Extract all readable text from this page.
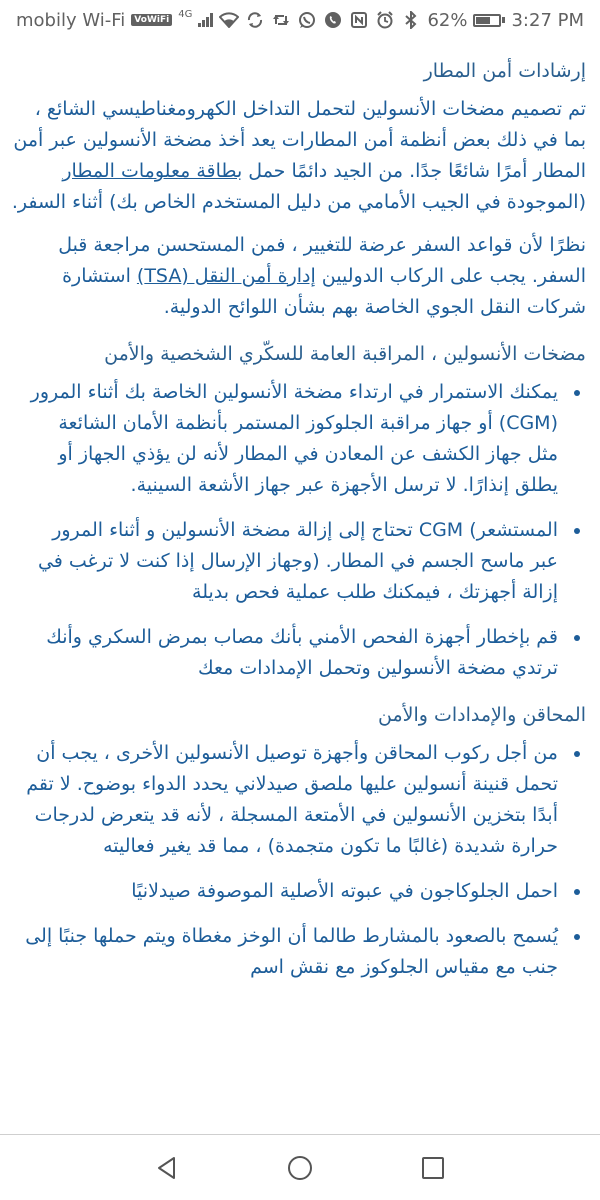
mobily Wi-Fi	VoWiFi
4G	62% 3:27 PM
إرشادات أمن المطار

تم تصميم مضخات الأنسولين لتحمل التداخل الكهرومغناطيسي الشائع ، بما في ذلك بعض أنظمة أمن المطارات يعد أخذ مضخة الأنسولين عبر أمن المطار أمرًا شائعًا جدًا. من الجيد دائمًا حمل بطاقة معلومات المطار (الموجودة في الجيب الأمامي من دليل المستخدم الخاص بك) أثناء السفر.

نظرًا لأن قواعد السفر عرضة للتغيير ، فمن المستحسن مراجعة قبل السفر. يجب على الركاب الدوليين إدارة أمن النقل (TSA) استشارة شركات النقل الجوي الخاصة بهم بشأن اللوائح الدولية.

مضخات الأنسولين ، المراقبة العامة للسكّري الشخصية والأمن
يمكنك الاستمرار في ارتداء مضخة الأنسولين الخاصة بك أثناء المرور (CGM) أو جهاز مراقبة الجلوكوز المستمر بأنظمة الأمان الشائعة مثل جهاز الكشف عن المعادن في المطار لأنه لن يؤذي الجهاز أو يطلق إنذارًا. لا ترسل الأجهزة عبر جهاز الأشعة السينية.
المستشعر) CGM تحتاج إلى إزالة مضخة الأنسولين و أثناء المرور عبر ماسح الجسم في المطار. (وجهاز الإرسال إذا كنت لا ترغب في إزالة أجهزتك ، فيمكنك طلب عملية فحص بديلة
قم بإخطار أجهزة الفحص الأمني بأنك مصاب بمرض السكري وأنك ترتدي مضخة الأنسولين وتحمل الإمدادات معك
المحاقن والإمدادات والأمن
من أجل ركوب المحاقن وأجهزة توصيل الأنسولين الأخرى ، يجب أن تحمل قنينة أنسولين عليها ملصق صيدلاني يحدد الدواء بوضوح. لا تقم أبدًا بتخزين الأنسولين في الأمتعة المسجلة ، لأنه قد يتعرض لدرجات حرارة شديدة (غالبًا ما تكون متجمدة) ، مما قد يغير فعاليته
احمل الجلوكاجون في عبوته الأصلية الموصوفة صيدلانيًا
يُسمح بالصعود بالمشارط طالما أن الوخز مغطاة ويتم حملها جنبًا إلى جنب مع مقياس الجلوكوز مع نقش اسم
